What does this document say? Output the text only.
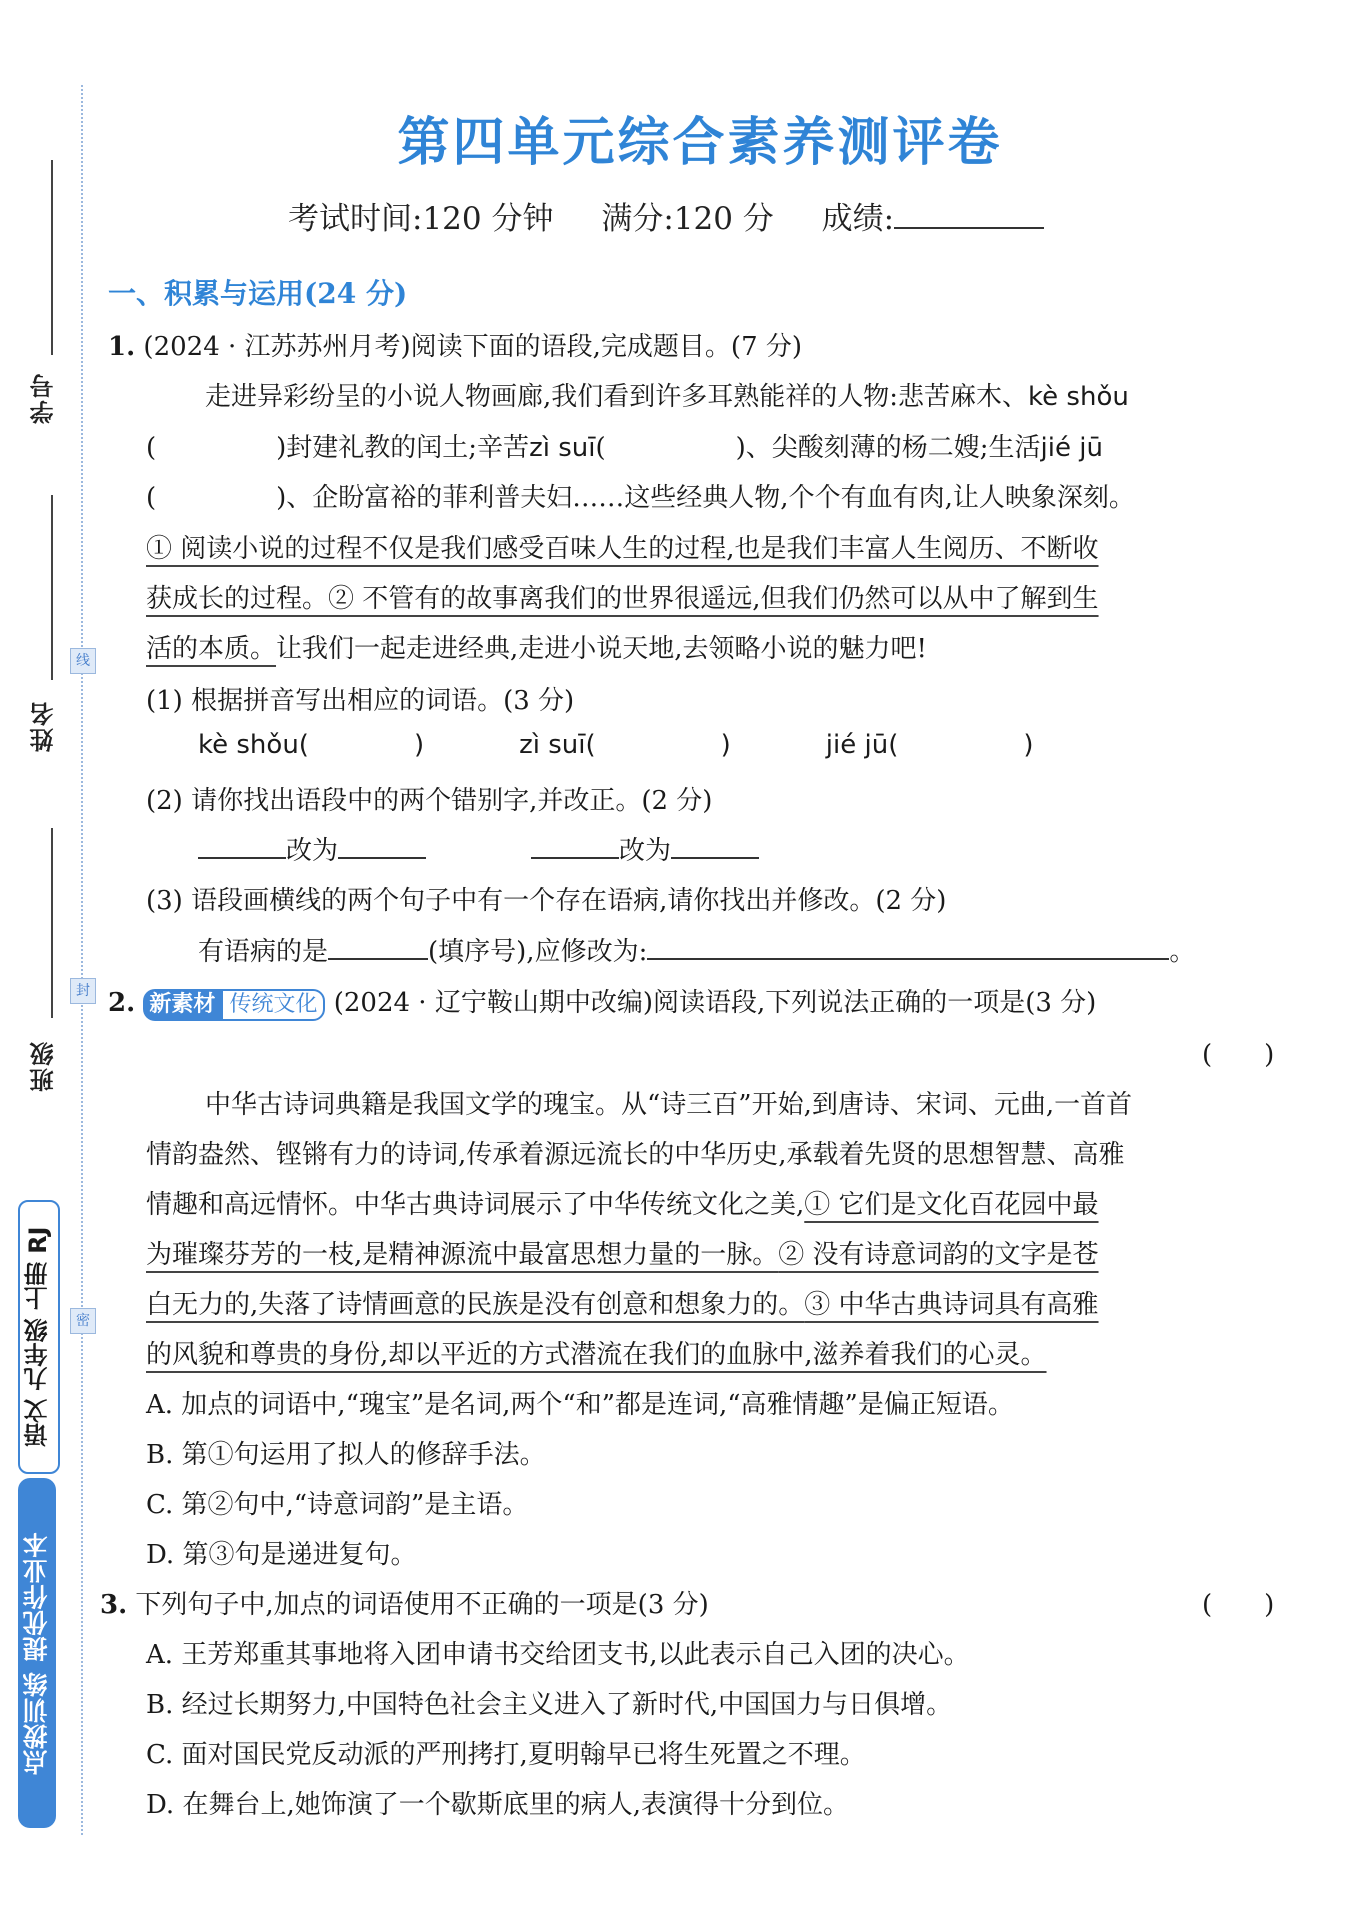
线
封
密
学号
姓名
班级
语文 九年级 上册 RJ
点拨训练 提优作业本
第四单元综合素养测评卷
考试时间:120 分钟 满分:120 分 成绩:
一、积累与运用(24 分)
1. (2024 · 江苏苏州月考)阅读下面的语段,完成题目。(7 分)
走进异彩纷呈的小说人物画廊,我们看到许多耳熟能祥的人物:悲苦麻木、kè shǒu
(	)封建礼教的闰土;辛苦zì suī(	)、尖酸刻薄的杨二嫂;生活jié jū
(	)、企盼富裕的菲利普夫妇……这些经典人物,个个有血有肉,让人映象深刻。
① 阅读小说的过程不仅是我们感受百味人生的过程,也是我们丰富人生阅历、不断收
获成长的过程。② 不管有的故事离我们的世界很遥远,但我们仍然可以从中了解到生
活的本质。让我们一起走进经典,走进小说天地,去领略小说的魅力吧!
(1) 根据拼音写出相应的词语。(3 分)
kè shǒu(	)	zì suī(	)	jié jū(	)
(2) 请你找出语段中的两个错别字,并改正。(2 分)
改为	改为
(3) 语段画横线的两个句子中有一个存在语病,请你找出并修改。(2 分)
有语病的是	(填序号),应修改为:	。
2. 新素材 传统文化 (2024 · 辽宁鞍山期中改编)阅读语段,下列说法正确的一项是(3 分)
(　　)
中华古诗词典籍是我国文学的瑰宝。从“诗三百”开始,到唐诗、宋词、元曲,一首首
情韵盎然、铿锵有力的诗词,传承着源远流长的中华历史,承载着先贤的思想智慧、高雅
情趣和高远情怀。中华古典诗词展示了中华传统文化之美,① 它们是文化百花园中最
为璀璨芬芳的一枝,是精神源流中最富思想力量的一脉。② 没有诗意词韵的文字是苍
白无力的,失落了诗情画意的民族是没有创意和想象力的。③ 中华古典诗词具有高雅
的风貌和尊贵的身份,却以平近的方式潜流在我们的血脉中,滋养着我们的心灵。
A. 加点的词语中,“瑰宝”是名词,两个“和”都是连词,“高雅情趣”是偏正短语。
B. 第①句运用了拟人的修辞手法。
C. 第②句中,“诗意词韵”是主语。
D. 第③句是递进复句。
3. 下列句子中,加点的词语使用不正确的一项是(3 分)	(　　)
A. 王芳郑重其事地将入团申请书交给团支书,以此表示自己入团的决心。
B. 经过长期努力,中国特色社会主义进入了新时代,中国国力与日俱增。
C. 面对国民党反动派的严刑拷打,夏明翰早已将生死置之不理。
D. 在舞台上,她饰演了一个歇斯底里的病人,表演得十分到位。
